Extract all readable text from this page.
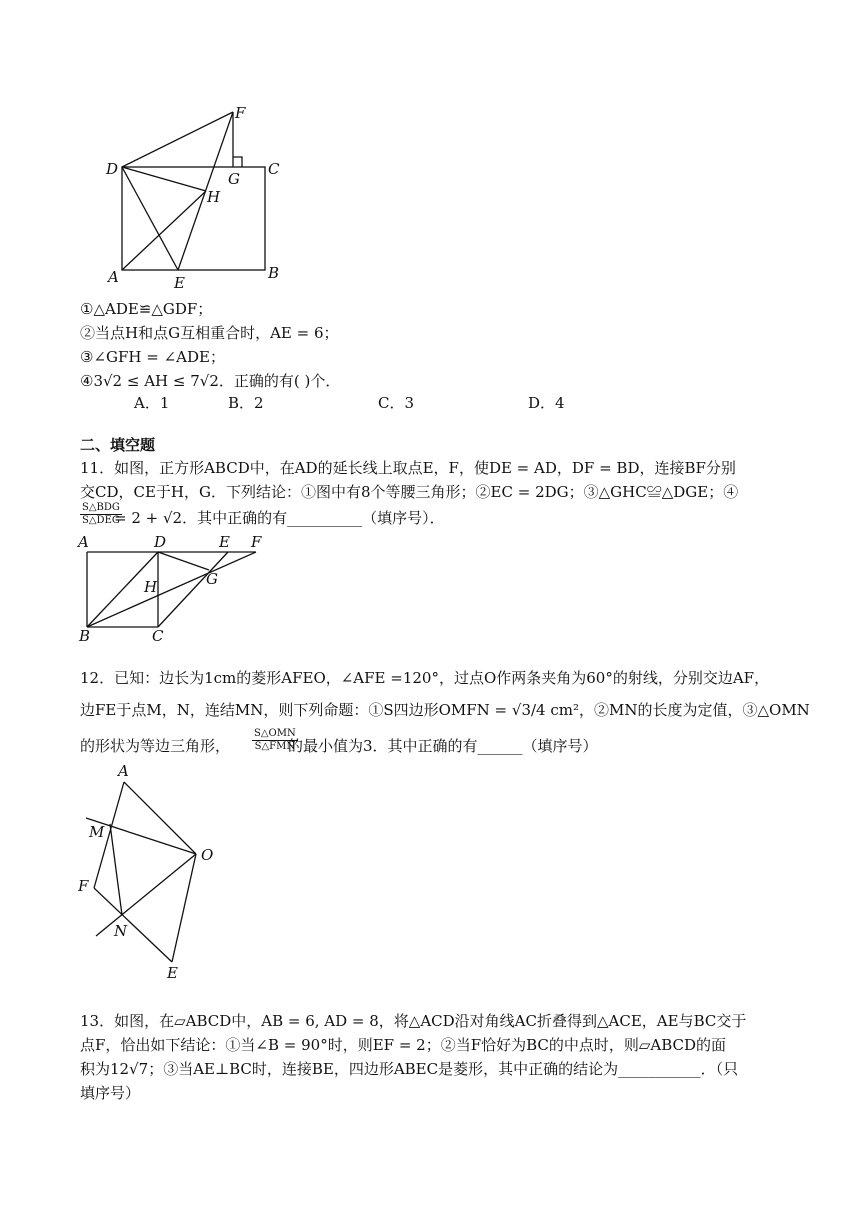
F
D
G
C
H
A	E
B
①△ADE≌△GDF；
②当点H和点G互相重合时，AE = 6；
③∠GFH = ∠ADE；
④3√2 ≤ AH ≤ 7√2．正确的有( )个．
A．1	B．2	C．3	D．4
二、填空题
11．如图，正方形ABCD中，在AD的延长线上取点E，F，使DE = AD，DF = BD，连接BF分别
交CD，CE于H，G．下列结论：①图中有8个等腰三角形；②EC = 2DG；③△GHC≌△DGE；④
S△BDG
S△DEG
= 2 + √2．其中正确的有__________（填序号）．
A	D	E F
H	G
B	C
12．已知：边长为1cm的菱形AFEO，∠AFE =120°，过点O作两条夹角为60°的射线，分别交边AF，
边FE于点M，N，连结MN，则下列命题：①S四边形OMFN = √3/4 cm²，②MN的长度为定值，③△OMN
的形状为等边三角形，
S△OMN
S△FMN
的最小值为3．其中正确的有______（填序号）
A
M
O
F
N
E
13．如图，在▱ABCD中，AB = 6, AD = 8，将△ACD沿对角线AC折叠得到△ACE，AE与BC交于
点F，恰出如下结论：①当∠B = 90°时，则EF = 2；②当F恰好为BC的中点时，则▱ABCD的面
积为12√7；③当AE⊥BC时，连接BE，四边形ABEC是菱形，其中正确的结论为___________．（只
填序号）
